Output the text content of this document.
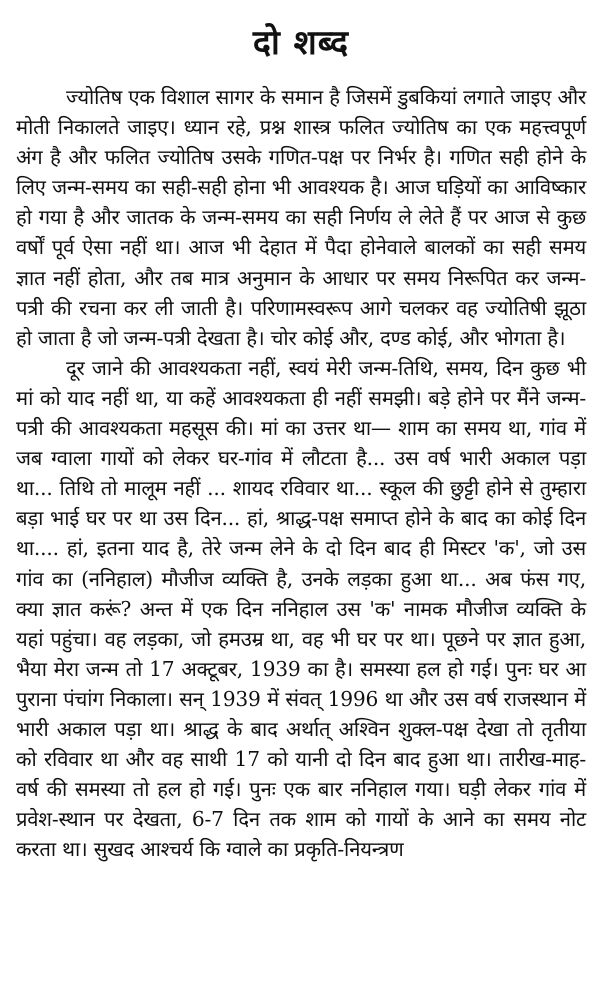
दो शब्द

ज्योतिष एक विशाल सागर के समान है जिसमें डुबकियां लगाते जाइए और मोती निकालते जाइए। ध्यान रहे, प्रश्न शास्त्र फलित ज्योतिष का एक महत्त्वपूर्ण अंग है और फलित ज्योतिष उसके गणित-पक्ष पर निर्भर है। गणित सही होने के लिए जन्म-समय का सही-सही होना भी आवश्यक है। आज घड़ियों का आविष्कार हो गया है और जातक के जन्म-समय का सही निर्णय ले लेते हैं पर आज से कुछ वर्षों पूर्व ऐसा नहीं था। आज भी देहात में पैदा होनेवाले बालकों का सही समय ज्ञात नहीं होता, और तब मात्र अनुमान के आधार पर समय निरूपित कर जन्म-पत्री की रचना कर ली जाती है। परिणामस्वरूप आगे चलकर वह ज्योतिषी झूठा हो जाता है जो जन्म-पत्री देखता है। चोर कोई और, दण्ड कोई, और भोगता है।

दूर जाने की आवश्यकता नहीं, स्वयं मेरी जन्म-तिथि, समय, दिन कुछ भी मां को याद नहीं था, या कहें आवश्यकता ही नहीं समझी। बड़े होने पर मैंने जन्म-पत्री की आवश्यकता महसूस की। मां का उत्तर था— शाम का समय था, गांव में जब ग्वाला गायों को लेकर घर-गांव में लौटता है... उस वर्ष भारी अकाल पड़ा था... तिथि तो मालूम नहीं ... शायद रविवार था... स्कूल की छुट्टी होने से तुम्हारा बड़ा भाई घर पर था उस दिन... हां, श्राद्ध-पक्ष समाप्त होने के बाद का कोई दिन था.... हां, इतना याद है, तेरे जन्म लेने के दो दिन बाद ही मिस्टर 'क', जो उस गांव का (ननिहाल) मौजीज व्यक्ति है, उनके लड़का हुआ था... अब फंस गए, क्या ज्ञात करूं? अन्त में एक दिन ननिहाल उस 'क' नामक मौजीज व्यक्ति के यहां पहुंचा। वह लड़का, जो हमउम्र था, वह भी घर पर था। पूछने पर ज्ञात हुआ, भैया मेरा जन्म तो 17 अक्टूबर, 1939 का है। समस्या हल हो गई। पुनः घर आ पुराना पंचांग निकाला। सन् 1939 में संवत् 1996 था और उस वर्ष राजस्थान में भारी अकाल पड़ा था। श्राद्ध के बाद अर्थात् अश्विन शुक्ल-पक्ष देखा तो तृतीया को रविवार था और वह साथी 17 को यानी दो दिन बाद हुआ था। तारीख-माह-वर्ष की समस्या तो हल हो गई। पुनः एक बार ननिहाल गया। घड़ी लेकर गांव में प्रवेश-स्थान पर देखता, 6-7 दिन तक शाम को गायों के आने का समय नोट करता था। सुखद आश्चर्य कि ग्वाले का प्रकृति-नियन्त्रण
